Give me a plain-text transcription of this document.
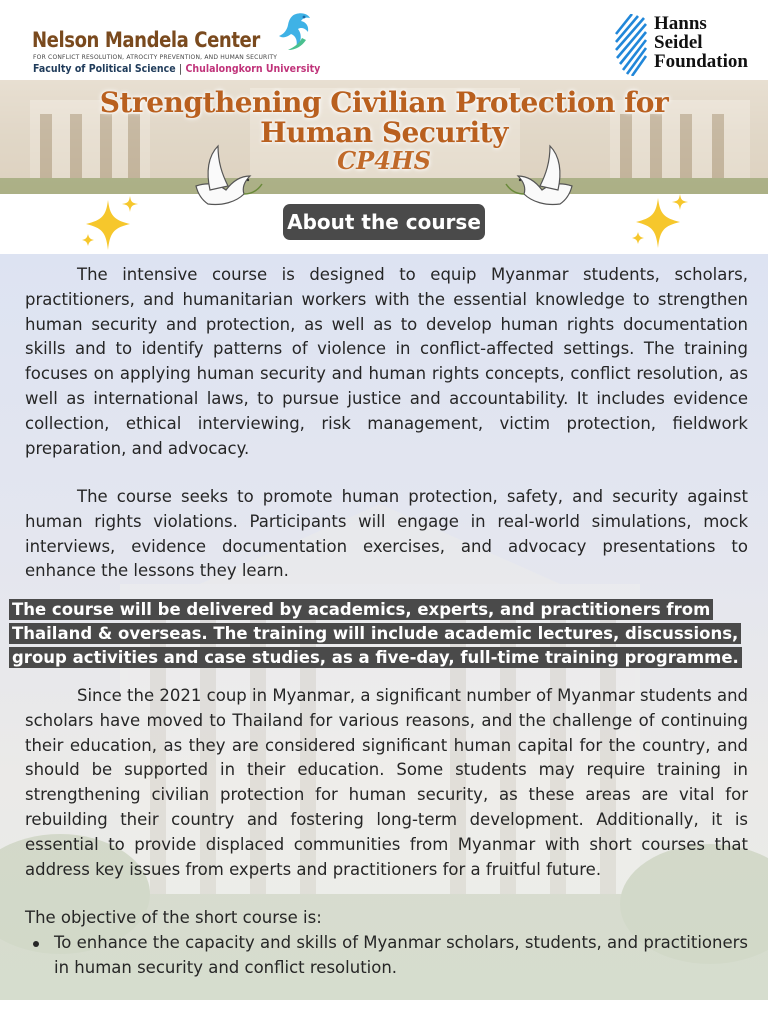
Nelson Mandela Center
FOR CONFLICT RESOLUTION, ATROCITY PREVENTION, AND HUMAN SECURITY
Faculty of Political Science | Chulalongkorn University
Hanns
Seidel
Foundation
Strengthening Civilian Protection for
Human Security
CP4HS
About the course

The intensive course is designed to equip Myanmar students, scholars, practitioners, and humanitarian workers with the essential knowledge to strengthen human security and protection, as well as to develop human rights documentation skills and to identify patterns of violence in conflict-affected settings. The training focuses on applying human security and human rights concepts, conflict resolution, as well as international laws, to pursue justice and accountability. It includes evidence collection, ethical interviewing, risk management, victim protection, fieldwork preparation, and advocacy.

The course seeks to promote human protection, safety, and security against human rights violations. Participants will engage in real-world simulations, mock interviews, evidence documentation exercises, and advocacy presentations to enhance the lessons they learn.

The course will be delivered by academics, experts, and practitioners from Thailand & overseas. The training will include academic lectures, discussions, group activities and case studies, as a five-day, full-time training programme.

Since the 2021 coup in Myanmar, a significant number of Myanmar students and scholars have moved to Thailand for various reasons, and the challenge of continuing their education, as they are considered significant human capital for the country, and should be supported in their education. Some students may require training in strengthening civilian protection for human security, as these areas are vital for rebuilding their country and fostering long-term development. Additionally, it is essential to provide displaced communities from Myanmar with short courses that address key issues from experts and practitioners for a fruitful future.

The objective of the short course is:
To enhance the capacity and skills of Myanmar scholars, students, and practitioners in human security and conflict resolution.
